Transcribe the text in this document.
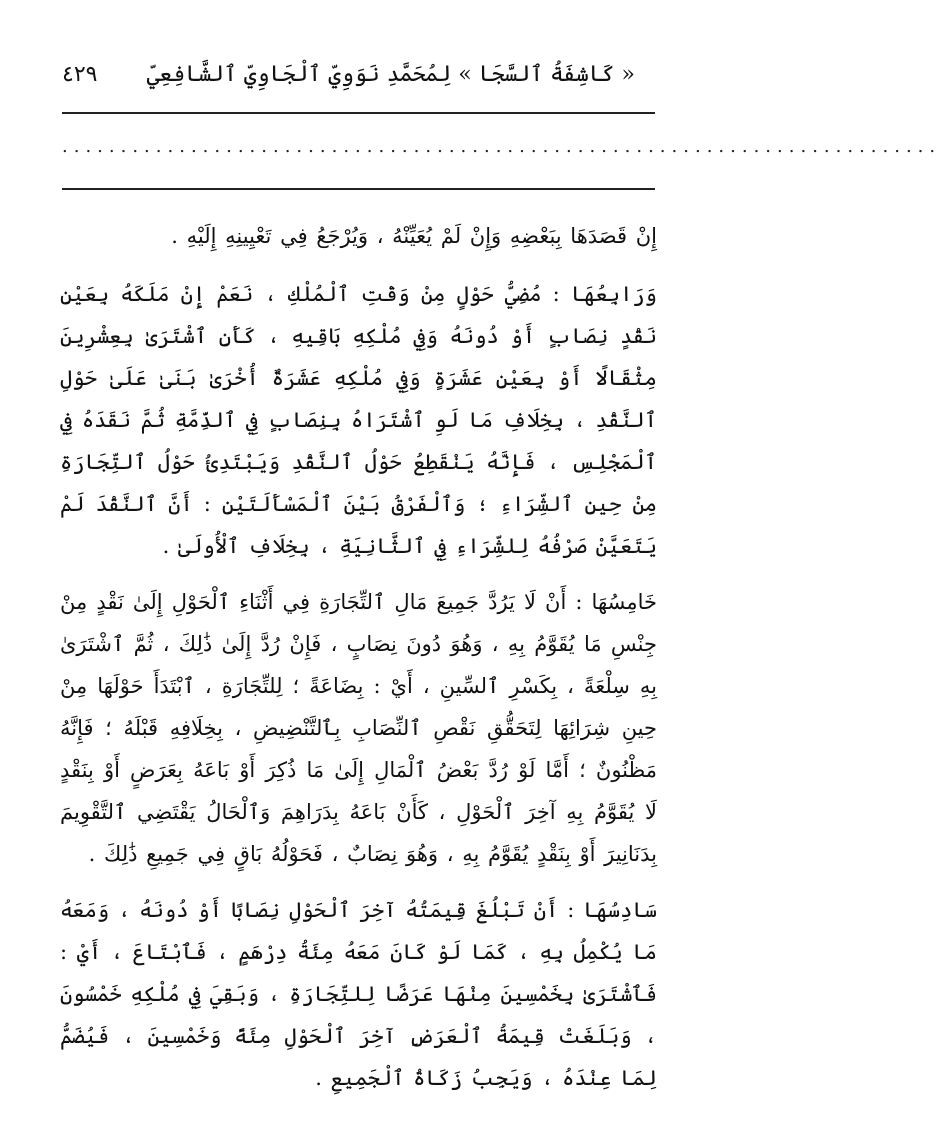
« كَاشِفَةُ ٱلسَّجَا » لِمُحَمَّدِ نَوَوِيّ ٱلْجَاوِيّ ٱلشَّافِعِيّ
٤٢٩
...........................................................................

إِنْ قَصَدَهَا بِبَعْضِهِ وَإِنْ لَمْ يُعَيِّنْهُ ، وَيُرْجَعُ فِي تَعْيِينِهِ إِلَيْهِ .

وَرَابِعُهَا : مُضِيُّ حَوْلٍ مِنْ وَقْتِ ٱلْمُلْكِ ، نَعَمْ إِنْ مَلَكَهُ بِعَيْنِ نَقْدٍ نِصَابٍ أَوْ دُونَهُ وَفِي مُلْكِهِ بَاقِيهِ ، كَأَنِ ٱشْتَرَىٰ بِعِشْرِينَ مِثْقَالًا أَوْ بِعَيْنِ عَشَرَةٍ وَفِي مُلْكِهِ عَشَرَةٌ أُخْرَىٰ بَنَىٰ عَلَىٰ حَوْلِ ٱلنَّقْدِ ، بِخِلَافِ مَا لَوِ ٱشْتَرَاهُ بِنِصَابٍ فِي ٱلذِّمَّةِ ثُمَّ نَقَدَهُ فِي ٱلْمَجْلِسِ ، فَإِنَّهُ يَنْقَطِعُ حَوْلُ ٱلنَّقْدِ وَيَبْتَدِئُ حَوْلُ ٱلتِّجَارَةِ مِنْ حِينِ ٱلشِّرَاءِ ؛ وَٱلْفَرْقُ بَيْنَ ٱلْمَسْأَلَتَيْنِ : أَنَّ ٱلنَّقْدَ لَمْ يَتَعَيَّنْ صَرْفُهُ لِلشِّرَاءِ فِي ٱلثَّانِيَةِ ، بِخِلَافِ ٱلْأُولَىٰ .

خَامِسُهَا : أَنْ لَا يَرُدَّ جَمِيعَ مَالِ ٱلتِّجَارَةِ فِي أَثْنَاءِ ٱلْحَوْلِ إِلَىٰ نَقْدٍ مِنْ جِنْسِ مَا يُقَوَّمُ بِهِ ، وَهُوَ دُونَ نِصَابٍ ، فَإِنْ رُدَّ إِلَىٰ ذَٰلِكَ ، ثُمَّ ٱشْتَرَىٰ بِهِ سِلْعَةً ، بِكَسْرِ ٱلسِّينِ ، أَيْ : بِضَاعَةً ؛ لِلتِّجَارَةِ ، ٱبْتَدَأَ حَوْلَهَا مِنْ حِينِ شِرَائِهَا لِتَحَقُّقِ نَقْصِ ٱلنِّصَابِ بِٱلتَّنْضِيضِ ، بِخِلَافِهِ قَبْلَهُ ؛ فَإِنَّهُ مَظْنُونٌ ؛ أَمَّا لَوْ رُدَّ بَعْضُ ٱلْمَالِ إِلَىٰ مَا ذُكِرَ أَوْ بَاعَهُ بِعَرَضٍ أَوْ بِنَقْدٍ لَا يُقَوَّمُ بِهِ آخِرَ ٱلْحَوْلِ ، كَأَنْ بَاعَهُ بِدَرَاهِمَ وَٱلْحَالُ يَقْتَضِي ٱلتَّقْوِيمَ بِدَنَانِيرَ أَوْ بِنَقْدٍ يُقَوَّمُ بِهِ ، وَهُوَ نِصَابٌ ، فَحَوْلُهُ بَاقٍ فِي جَمِيعِ ذَٰلِكَ .

سَادِسُهَا : أَنْ تَبْلُغَ قِيمَتُهُ آخِرَ ٱلْحَوْلِ نِصَابًا أَوْ دُونَهُ ، وَمَعَهُ مَا يُكْمِلُ بِهِ ، كَمَا لَوْ كَانَ مَعَهُ مِئَةُ دِرْهَمٍ ، فَٱبْتَاعَ ، أَيْ : فَٱشْتَرَىٰ بِخَمْسِينَ مِنْهَا عَرَضًا لِلتِّجَارَةِ ، وَبَقِيَ فِي مُلْكِهِ خَمْسُونَ ، وَبَلَغَتْ قِيمَةُ ٱلْعَرَضِ آخِرَ ٱلْحَوْلِ مِئَةً وَخَمْسِينَ ، فَيُضَمُّ لِمَا عِنْدَهُ ، وَيَجِبُ زَكَاةُ ٱلْجَمِيعِ .
